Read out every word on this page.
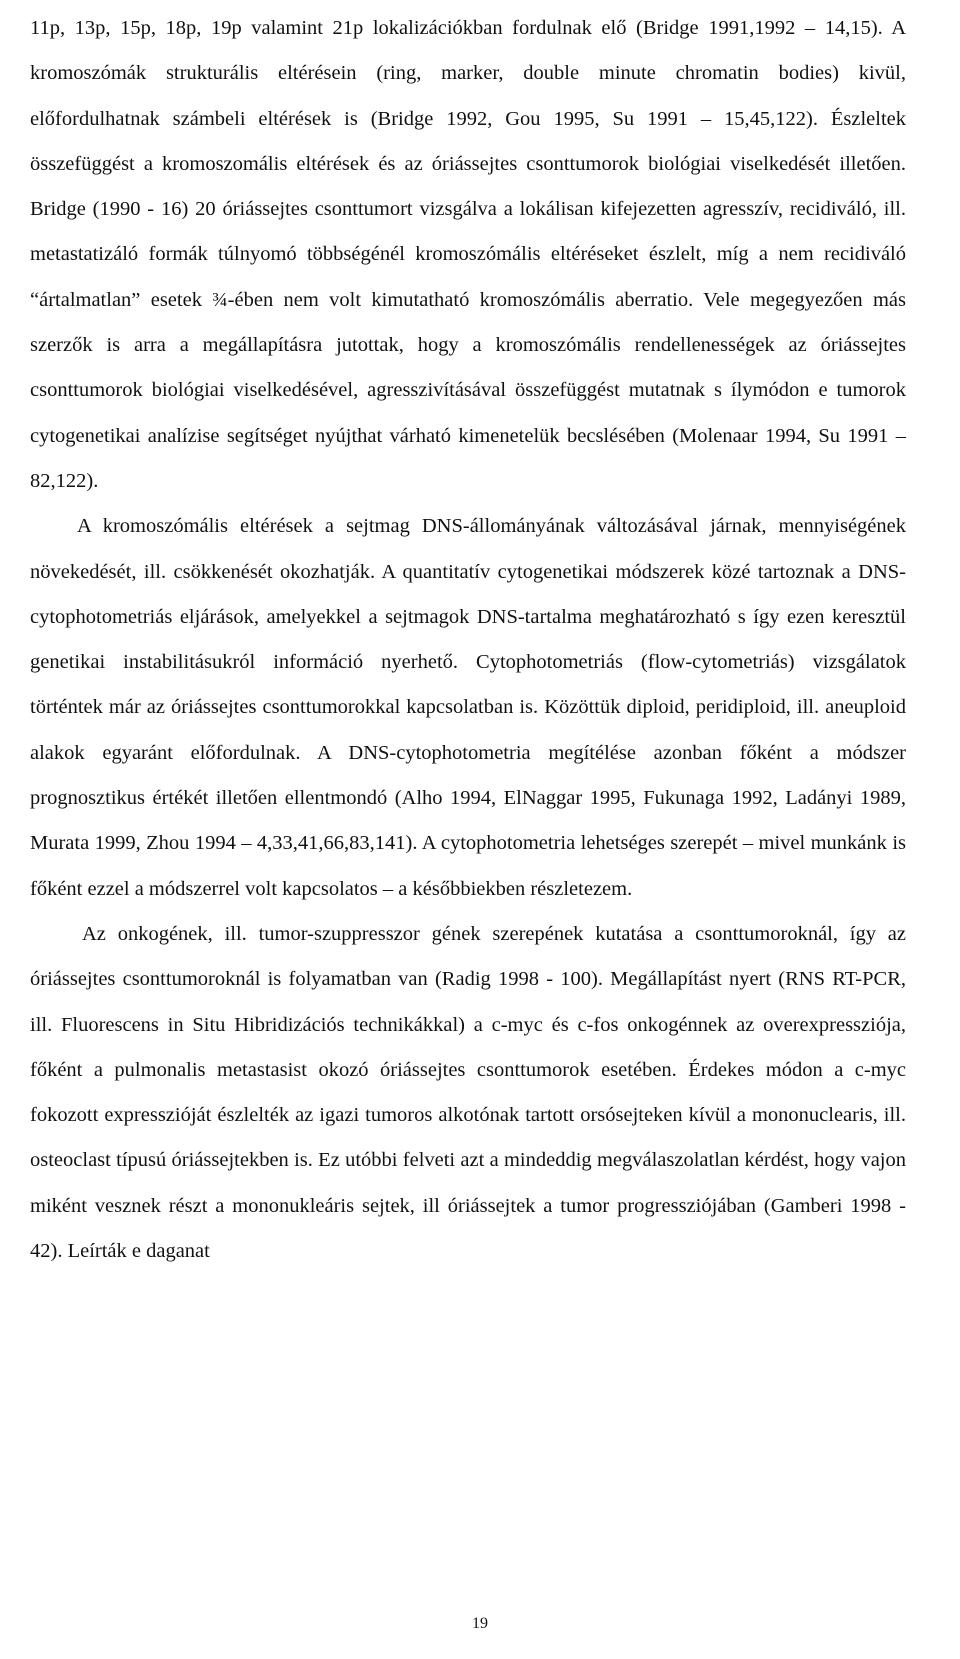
11p, 13p, 15p, 18p, 19p valamint 21p lokalizációkban fordulnak elő (Bridge 1991,1992 – 14,15). A kromoszómák strukturális eltérésein (ring, marker, double minute chromatin bodies) kivül, előfordulhatnak számbeli eltérések is (Bridge 1992, Gou 1995, Su 1991 – 15,45,122). Észleltek összefüggést a kromoszomális eltérések és az óriássejtes csonttumorok biológiai viselkedését illetően. Bridge (1990 - 16) 20 óriássejtes csonttumort vizsgálva a lokálisan kifejezetten agresszív, recidiváló, ill. metastatizáló formák túlnyomó többségénél kromoszómális eltéréseket észlelt, míg a nem recidiváló “ártalmatlan” esetek ¾-ében nem volt kimutatható kromoszómális aberratio. Vele megegyezően más szerzők is arra a megállapításra jutottak, hogy a kromoszómális rendellenességek az óriássejtes csonttumorok biológiai viselkedésével, agresszivításával összefüggést mutatnak s ílymódon e tumorok cytogenetikai analízise segítséget nyújthat várható kimenetelük becslésében (Molenaar 1994, Su 1991 – 82,122).

A kromoszómális eltérések a sejtmag DNS-állományának változásával járnak, mennyiségének növekedését, ill. csökkenését okozhatják. A quantitatív cytogenetikai módszerek közé tartoznak a DNS-cytophotometriás eljárások, amelyekkel a sejtmagok DNS-tartalma meghatározható s így ezen keresztül genetikai instabilitásukról információ nyerhető. Cytophotometriás (flow-cytometriás) vizsgálatok történtek már az óriássejtes csonttumorokkal kapcsolatban is. Közöttük diploid, peridiploid, ill. aneuploid alakok egyaránt előfordulnak. A DNS-cytophotometria megítélése azonban főként a módszer prognosztikus értékét illetően ellentmondó (Alho 1994, ElNaggar 1995, Fukunaga 1992, Ladányi 1989, Murata 1999, Zhou 1994 – 4,33,41,66,83,141). A cytophotometria lehetséges szerepét – mivel munkánk is főként ezzel a módszerrel volt kapcsolatos – a későbbiekben részletezem.

Az onkogének, ill. tumor-szuppresszor gének szerepének kutatása a csonttumoroknál, így az óriássejtes csonttumoroknál is folyamatban van (Radig 1998 - 100). Megállapítást nyert (RNS RT-PCR, ill. Fluorescens in Situ Hibridizációs technikákkal) a c-myc és c-fos onkogénnek az overexpressziója, főként a pulmonalis metastasist okozó óriássejtes csonttumorok esetében. Érdekes módon a c-myc fokozott expresszióját észlelték az igazi tumoros alkotónak tartott orsósejteken kívül a mononuclearis, ill. osteoclast típusú óriássejtekben is. Ez utóbbi felveti azt a mindeddig megválaszolatlan kérdést, hogy vajon miként vesznek részt a mononukleáris sejtek, ill óriássejtek a tumor progressziójában (Gamberi 1998 - 42). Leírták e daganat

19
